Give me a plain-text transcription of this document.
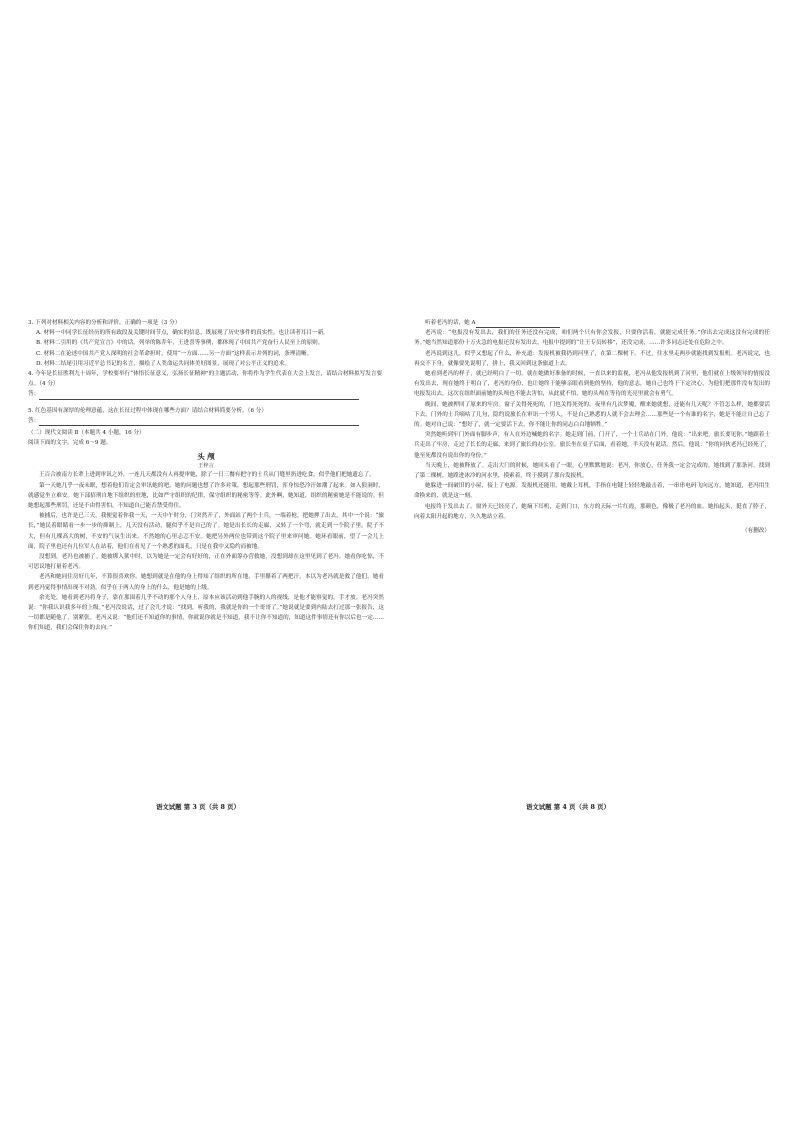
3. 下列对材料相关内容的分析和评价，正确的一项是（3 分）

A. 材料一中同学长征经历的所有政段及关键时间节点，确实的信息，既展现了历史事件的真实性，也让读者耳目一新。

B. 材料二引用的《共产党宣言》中的话，列举的陈乔年，王进喜等事例，都体现了中国共产党奋行人民至上的原则。

C. 材料二在论述中国共产党人深明的社会革命担时，使用“一方面……另一方面”这样表示并列的词，条理清晰。

D. 材料二结尾引用习近平总书记的名言，描绘了人类命运共同体美好图景，展现了对公平正义的追求。

4. 今年是长征胜利九十周年，学校要举行“体悟长征意义，弘扬长征精神”的主题活动，你将作为学生代表在大会上发言，请结合材料拟写发言要点。（4 分）

答：

5. 红色基因有深厚的伦理意蕴，这在长征过程中体现在哪些方面？请结合材料简要分析。（6 分）

答：

（二）现代文阅读 Ⅱ（本题共 4 小题，16 分）

阅读下面的文字，完成 6～9 题。

头 颅

王梓言

王百合被南方长辈上进到审讯之外，一连几天都没有人再提审她，除了一日三餐有把守的士兵从门缝里扔进吃食，似乎他们把她遗忘了。

第一天她几乎一夜未眠，想着他们肯定会审讯她的吧，她的问题也想了许多对策，想起那些刑罚，浑身惊恐冷汗如潮了起来。如入狼洞时，就感觉坐立难安。她下部招刑自地下组织的驻地，比如严守组织的纪律，保守组织的秘密等等。此外啊，她知道，组织的秘密她是不能说的。但她想起那些刑罚，还是不由得害怕。不知道自己能否禁受得住。

被捕后，也许是已三天，我便觉着你我一天，一天中午时分，门突然开了，外面站了两个士兵，一端着枪，把她押了出去。其中一个说：“旅长，”她民着眼睛看一步一步的抑制上，几天没有活动，腿似乎不是自己的了。她是出长长的走廊，又转了一个弯，就走到一个院子里。院子不大，但有几棵高大的树，不安的气氛生出来。不然她的心里忐忑不安。她把另外两位也带到这个院子里来审问她。她环看眼前，望了一会儿上面，院子里也还有几位军人在站着，他们在看见了一个熟悉的面孔，只是在我中又隐约而被地。

没想到，老冯也被捕了。她被绑入狱中时，以为她是一定会有好好的，正在外面筹办营救她，没想到却在这里见到了老冯。她看你吃惊，不可思议地打量着老冯。

老冯和她同住房好几年，不算很喜欢你。她想到就是在他的身上得知了组织的所在地，手里攥着了两把汗，本以为老冯就是救了他们，她看到老冯觉得事情出现不对劲，似乎在于两人的身上的什么，他是她的上级。

余光处，她看到老冯将身子，靠在那围着几乎不动的那个人身上，原本应该活动到他手腕的人的视线，是他才能察觉的，手才放。老冯突然说：“你我认识我多年的上级。”老冯没说话，过了会儿才说：“找到，听我的，我就是你的一个哥哥了。”她说就是要到内陆去打过那一张报告，这一切都是随他了，别紧张。老冯又说：“他们还不知道你的事情，你就说你就是不知道，我不让你不知道的，知道这件事情还有你以后也一定……你们知道，我们会保住你的去向。”

听着老冯的话，她 A

老冯说：“电报没有发出去，我们的任务还没有完成，咱们两个只有你会发报，只要你活着，就能完成任务。”你出去完成这没有完成的任务。”她当然知道那份十万火急的电报还没有发出去，电报中提到的“让王专员转移”，还没完成，……许多同志还处在危险之中。

老冯说到这儿，似乎又想起了什么，补充道：发报机被我扔到河里了，在第二棵树下。不过，往水里走两步就能找到发报机。老冯说完，也再交不下身，就像要先说明了，拼上，我又回到这条旅道上去。

她看到老冯的样子，就已经明白了一切。就在她做好准备的时候，一直以来的监视，老冯从他发报机到了河里，他们就在上级领导的情报没有发出去，现在她终于明白了，老冯的身份，也让她终于能够亲眼看到他的坚持，他的意志，她自己也终于下定决心，为他们把那件没有发出的电报发出去，这次在组织面前她的头颅也不能去害怕，从此就不怕，她的头颅在等待的光亮里就会有勇气。

晚间，她被押回了原来的牢房。窗子关得死死的，门也关得死死的，夜里有几次梦魇，醒来她就想，还能有几天呢？不管怎么样，她都要活下去。门外的士兵嘀咕了几句，隐约说旅长在审讯一个男人，不是自己熟悉的人就不会去理会……那些是一个有谁的名字，她是不能让自己忘了的。她对自己说：“想好了，就一定要活下去，你不能让你的同志白白地牺牲。”

突然她听到牢门外面有脚步声，有人在外边喊她的名字。她走到门前，门开了，一个士兵站在门外，他说：“出来吧，旅长要见你。”她跟着士兵走出了牢房，走过了长长的走廊，来到了旅长的办公室。旅长坐在桌子后面，看着她，半天没有说话。然后，他说：“你的同伙老冯已经死了，他至死都没有说出你的身份。”

当天晚上，她被释放了。走出大门的时候，她回头看了一眼，心里默默地说：老冯，你放心，任务我一定会完成的。她找到了那条河，找到了第二棵树，她蹚进冰冷的河水里，摸索着，终于摸到了那台发报机。

她躲进一间破旧的小屋，接上了电源。发报机还能用。她戴上耳机，手指在电键上轻轻地敲击着，一串串电码飞向远方。她知道，老冯用生命换来的，就是这一刻。

电报终于发出去了。窗外天已经亮了，她摘下耳机，走到门口，东方的天际一片红霞，那颜色，像极了老冯的血。她抬起头，挺直了脖子，向着太阳升起的地方，久久地站立着。

（有删改）

语文试题 第 3 页（共 8 页）	语文试题 第 4 页（共 8 页）
